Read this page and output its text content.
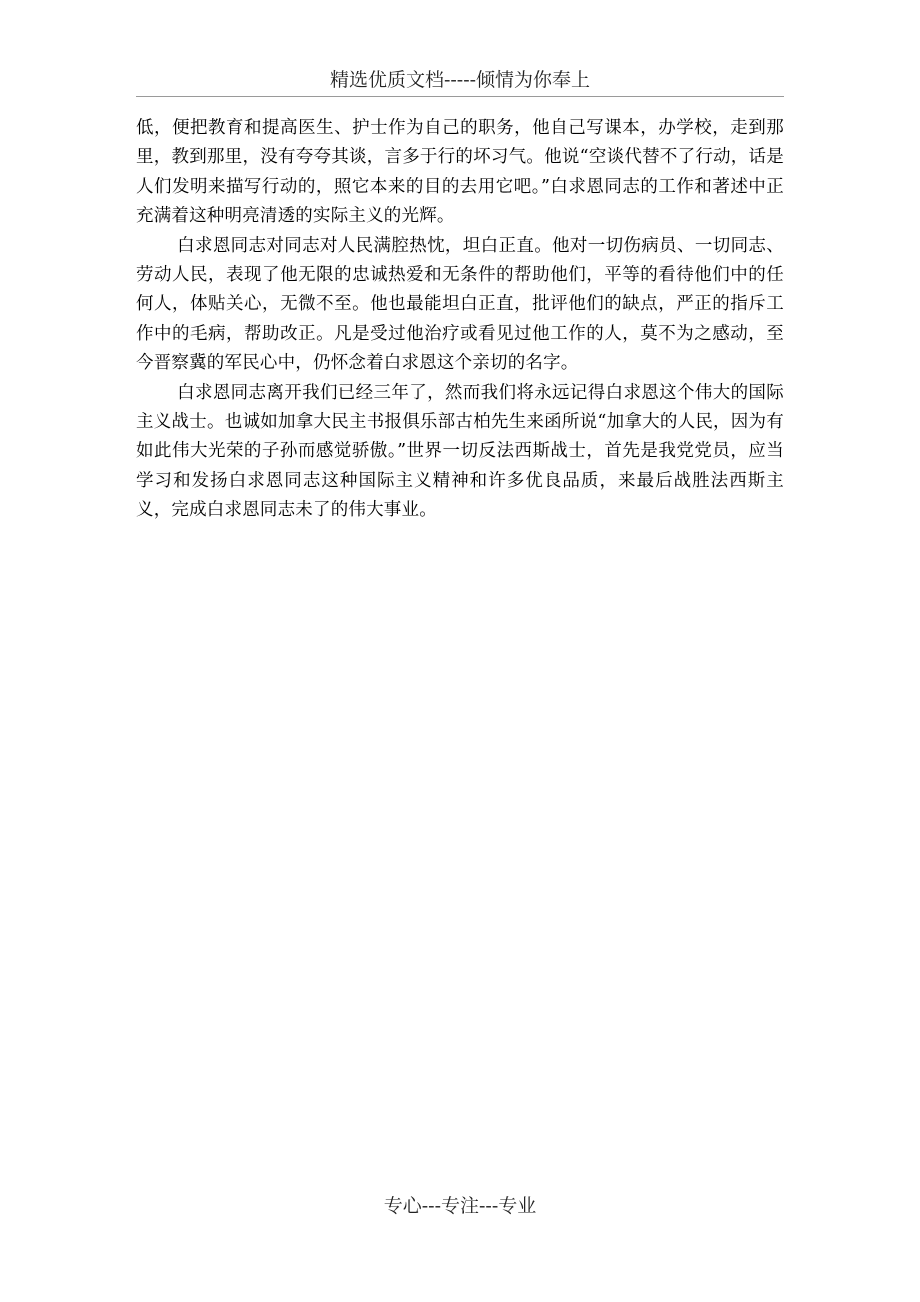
精选优质文档-----倾情为你奉上

低，便把教育和提高医生、护士作为自己的职务，他自己写课本，办学校，走到那里，教到那里，没有夸夸其谈，言多于行的坏习气。他说“空谈代替不了行动，话是人们发明来描写行动的，照它本来的目的去用它吧。”白求恩同志的工作和著述中正充满着这种明亮清透的实际主义的光辉。

白求恩同志对同志对人民满腔热忱，坦白正直。他对一切伤病员、一切同志、劳动人民，表现了他无限的忠诚热爱和无条件的帮助他们，平等的看待他们中的任何人，体贴关心，无微不至。他也最能坦白正直，批评他们的缺点，严正的指斥工作中的毛病，帮助改正。凡是受过他治疗或看见过他工作的人，莫不为之感动，至今晋察冀的军民心中，仍怀念着白求恩这个亲切的名字。

白求恩同志离开我们已经三年了，然而我们将永远记得白求恩这个伟大的国际主义战士。也诚如加拿大民主书报俱乐部古柏先生来函所说“加拿大的人民，因为有如此伟大光荣的子孙而感觉骄傲。”世界一切反法西斯战士，首先是我党党员，应当学习和发扬白求恩同志这种国际主义精神和许多优良品质，来最后战胜法西斯主义，完成白求恩同志未了的伟大事业。

专心---专注---专业
